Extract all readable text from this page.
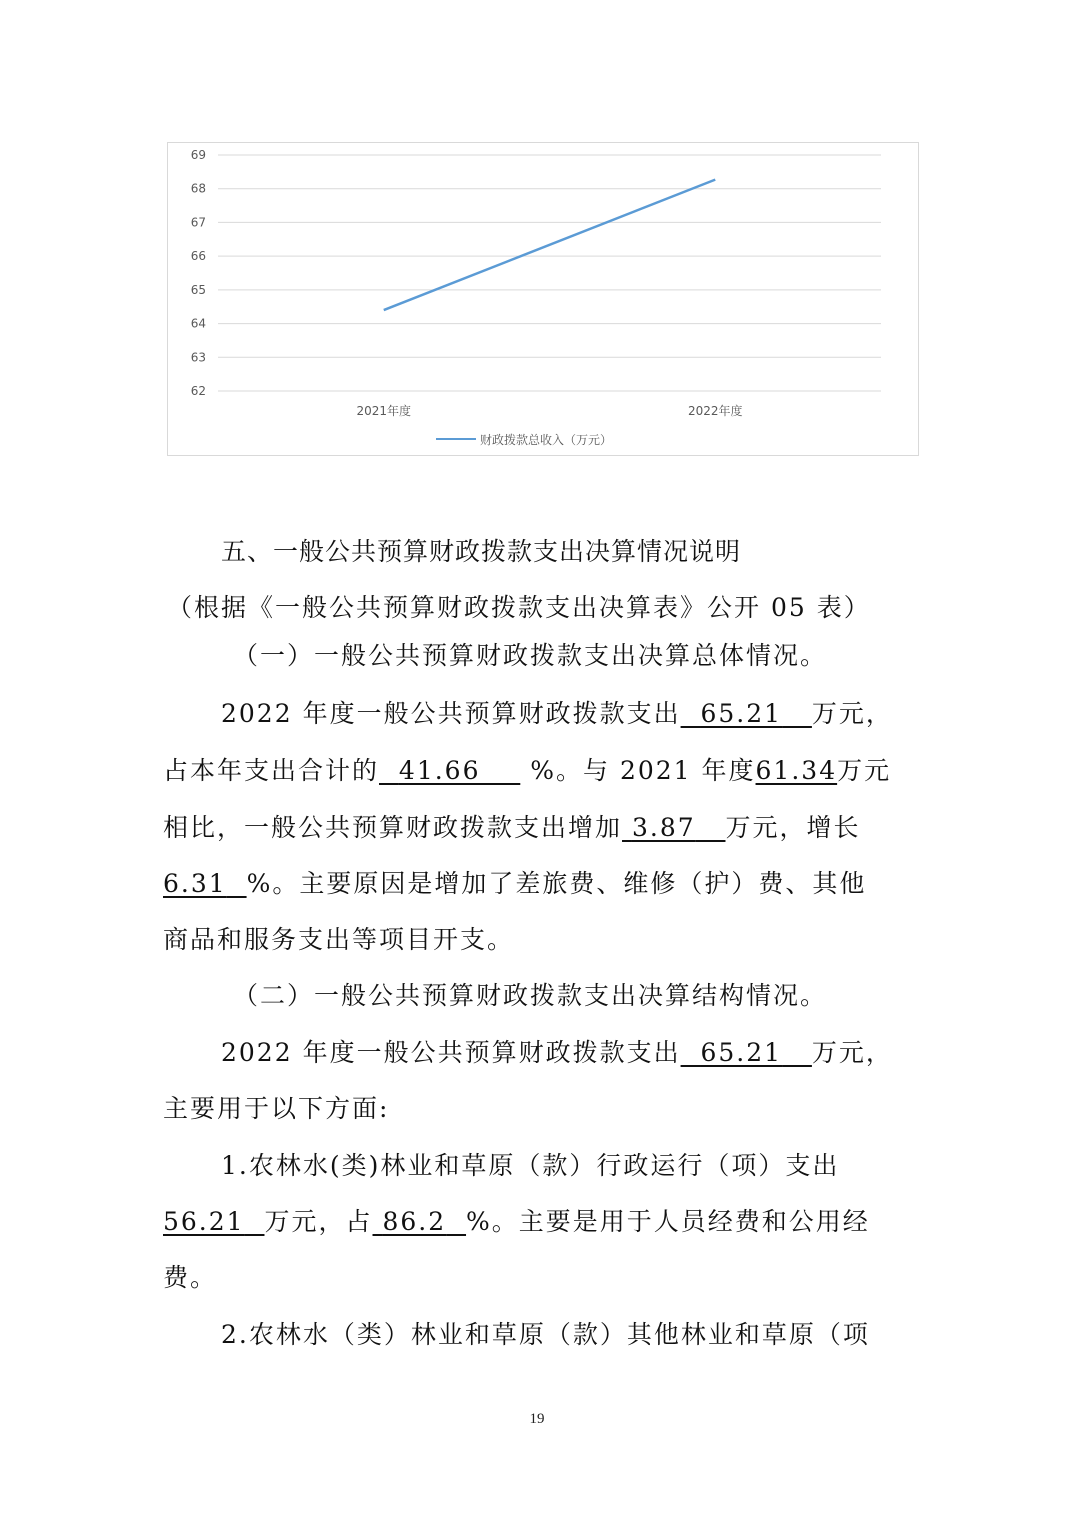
62
63
64
65
66
67
68
69
2021年度	2022年度
财政拨款总收入（万元）
五、一般公共预算财政拨款支出决算情况说明
（根据《一般公共预算财政拨款支出决算表》公开 05 表）
（一）一般公共预算财政拨款支出决算总体情况。
2022 年度一般公共预算财政拨款支出 65.21 万元，
占本年支出合计的 41.66 %。与 2021 年度61.34万元
相比，一般公共预算财政拨款支出增加 3.87 万元，增长
6.31 %。主要原因是增加了差旅费、维修（护）费、其他
商品和服务支出等项目开支。
（二）一般公共预算财政拨款支出决算结构情况。
2022 年度一般公共预算财政拨款支出 65.21 万元，
主要用于以下方面:
1.农林水(类)林业和草原（款）行政运行（项）支出
56.21 万元，占 86.2 %。主要是用于人员经费和公用经
费。
2.农林水（类）林业和草原（款）其他林业和草原（项
19
